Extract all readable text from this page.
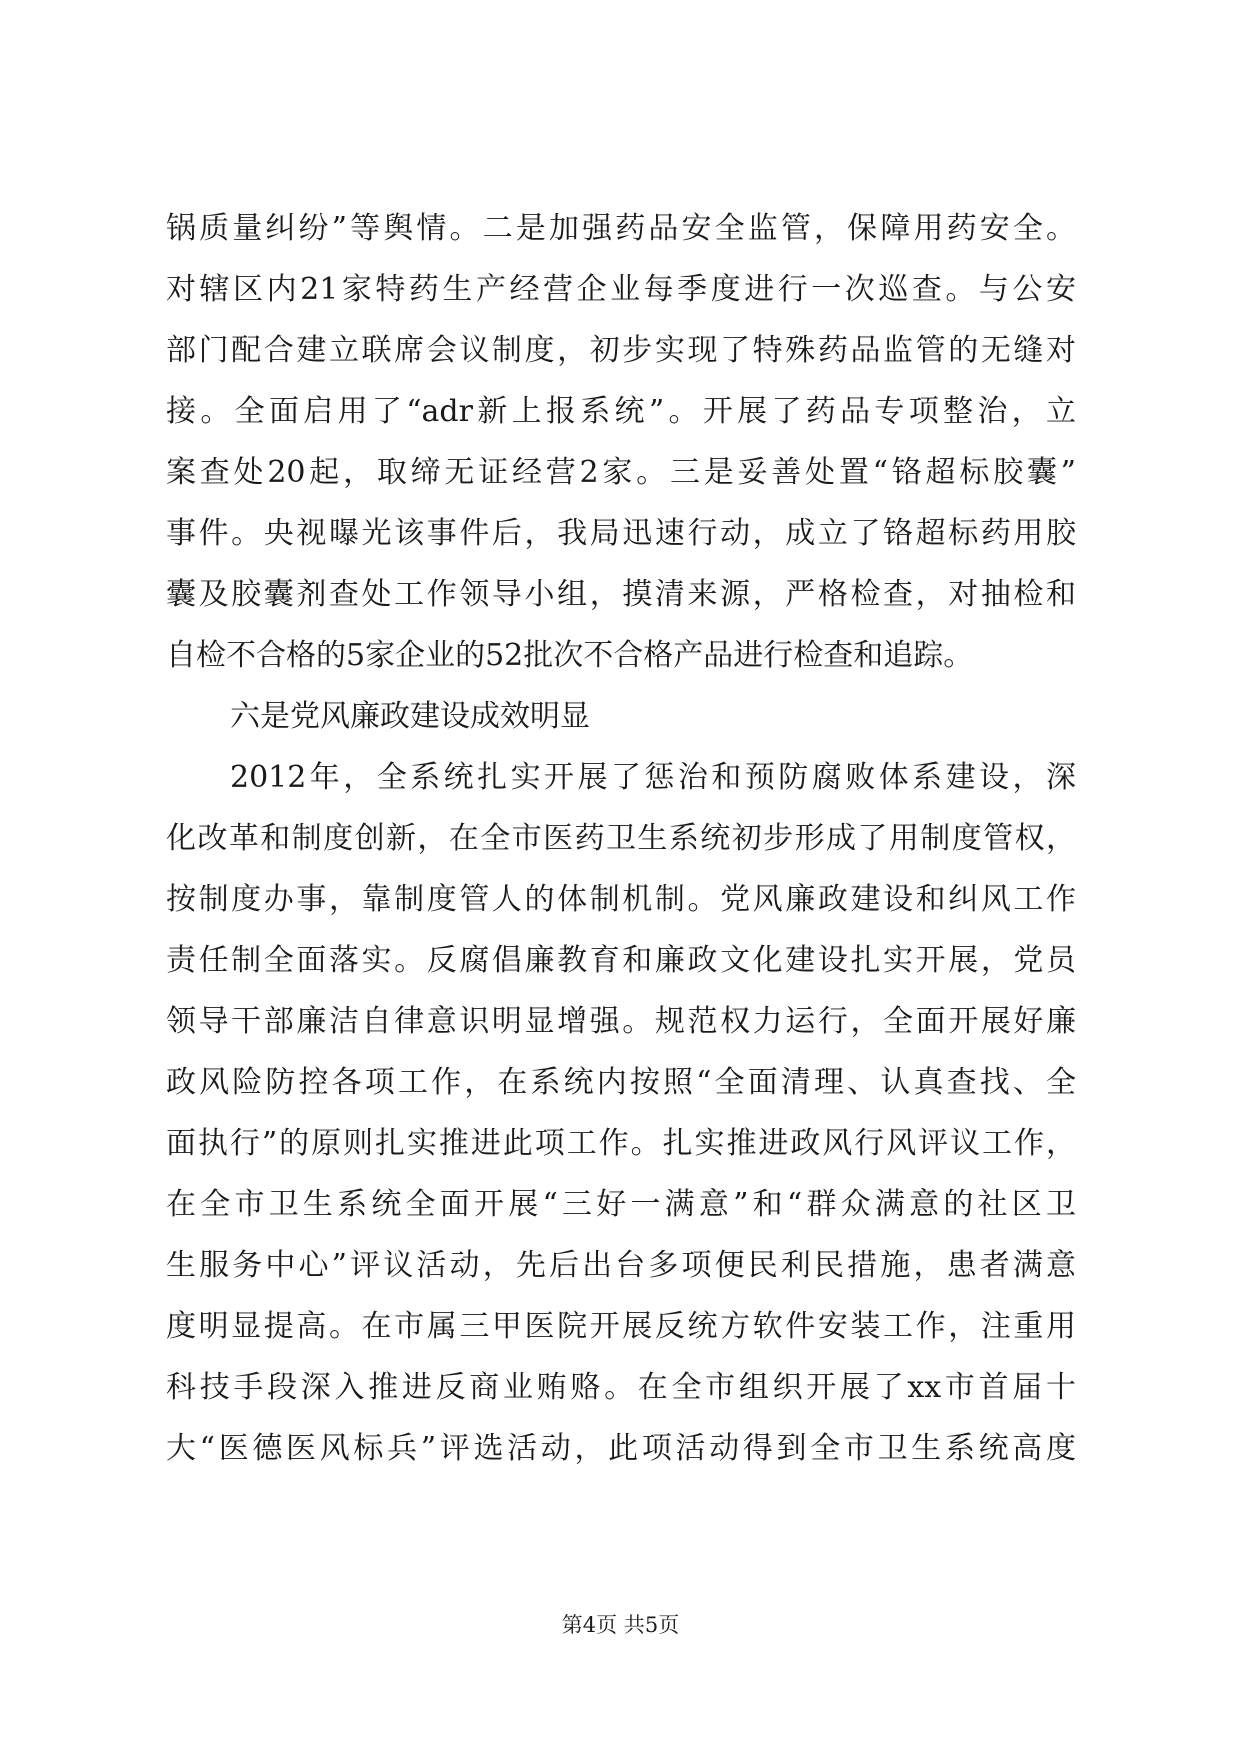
锅质量纠纷”等舆情。二是加强药品安全监管，保障用药安全。
对辖区内21家特药生产经营企业每季度进行一次巡查。与公安
部门配合建立联席会议制度，初步实现了特殊药品监管的无缝对
接。全面启用了“adr新上报系统”。开展了药品专项整治，立
案查处20起，取缔无证经营2家。三是妥善处置“铬超标胶囊”
事件。央视曝光该事件后，我局迅速行动，成立了铬超标药用胶
囊及胶囊剂查处工作领导小组，摸清来源，严格检查，对抽检和
自检不合格的5家企业的52批次不合格产品进行检查和追踪。
六是党风廉政建设成效明显
2012年，全系统扎实开展了惩治和预防腐败体系建设，深
化改革和制度创新，在全市医药卫生系统初步形成了用制度管权，
按制度办事，靠制度管人的体制机制。党风廉政建设和纠风工作
责任制全面落实。反腐倡廉教育和廉政文化建设扎实开展，党员
领导干部廉洁自律意识明显增强。规范权力运行，全面开展好廉
政风险防控各项工作，在系统内按照“全面清理、认真查找、全
面执行”的原则扎实推进此项工作。扎实推进政风行风评议工作，
在全市卫生系统全面开展“三好一满意”和“群众满意的社区卫
生服务中心”评议活动，先后出台多项便民利民措施，患者满意
度明显提高。在市属三甲医院开展反统方软件安装工作，注重用
科技手段深入推进反商业贿赂。在全市组织开展了xx市首届十
大“医德医风标兵”评选活动，此项活动得到全市卫生系统高度
第4页 共5页
